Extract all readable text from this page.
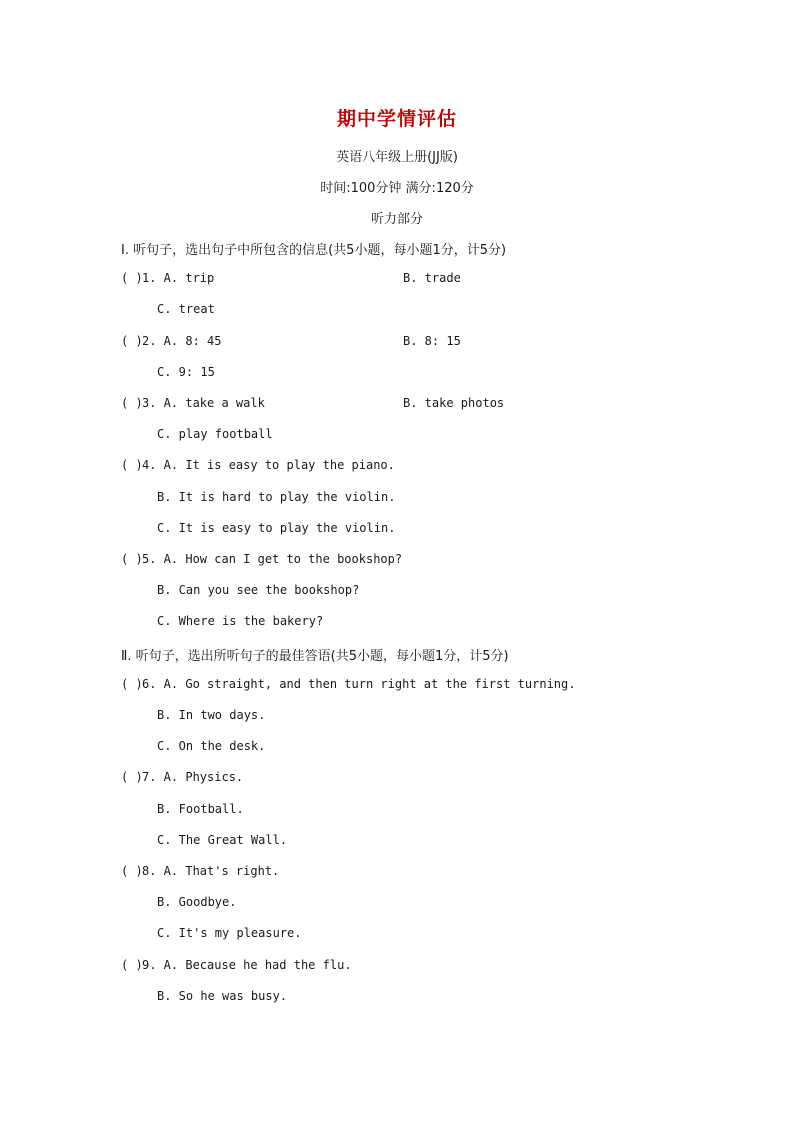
期中学情评估
英语八年级上册(JJ版)
时间:100分钟 满分:120分
听力部分
Ⅰ. 听句子，选出句子中所包含的信息(共5小题，每小题1分，计5分)
( ) 1. A. trip	B. trade
C. treat
( ) 2. A. 8: 45	B. 8: 15
C. 9: 15
( ) 3. A. take a walk	B. take photos
C. play football
( ) 4. A. It is easy to play the piano.
B. It is hard to play the violin.
C. It is easy to play the violin.
( ) 5. A. How can I get to the bookshop?
B. Can you see the bookshop?
C. Where is the bakery?
Ⅱ. 听句子，选出所听句子的最佳答语(共5小题，每小题1分，计5分)
( ) 6. A. Go straight, and then turn right at the first turning.
B. In two days.
C. On the desk.
( ) 7. A. Physics.
B. Football.
C. The Great Wall.
( ) 8. A. That's right.
B. Goodbye.
C. It's my pleasure.
( ) 9. A. Because he had the flu.
B. So he was busy.
